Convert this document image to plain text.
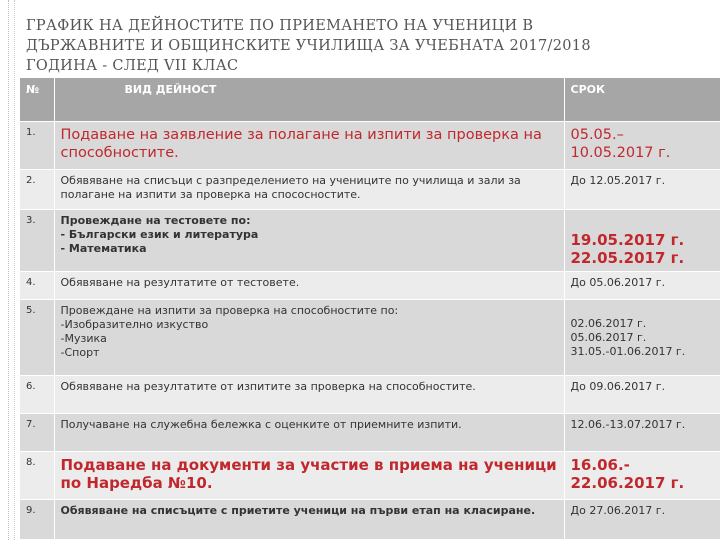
ГРАФИК НА ДЕЙНОСТИТЕ ПО ПРИЕМАНЕТО НА УЧЕНИЦИ В
ДЪРЖАВНИТЕ И ОБЩИНСКИТЕ УЧИЛИЩА ЗА УЧЕБНАТА 2017/2018
ГОДИНА - СЛЕД VII КЛАС
№	ВИД ДЕЙНОСТ	СРОК
1.	Подаване на заявление за полагане на изпити за проверка на способностите.	05.05.–
10.05.2017 г.
2.	Обявяване на списъци с разпределението на учениците по училища и зали за полагане на изпити за проверка на спососностите.	До 12.05.2017 г.
3.	Провеждане на тестовете по:
- Български език и литература
- Математика	19.05.2017 г.
22.05.2017 г.
4.	Обявяване на резултатите от тестовете.	До 05.06.2017 г.
5.	Провеждане на изпити за проверка на способностите по:
-Изобразително изкуство
-Музика
-Спорт	02.06.2017 г.
05.06.2017 г.
31.05.-01.06.2017 г.
6.	Обявяване на резултатите от изпитите за проверка на способностите.	До 09.06.2017 г.
7.	Получаване на служебна бележка с оценките от приемните изпити.	12.06.-13.07.2017 г.
8.	Подаване на документи за участие в приема на ученици по Наредба №10.	16.06.-
22.06.2017 г.
9.	Обявяване на списъците с приетите ученици на първи етап на класиране.	До 27.06.2017 г.
